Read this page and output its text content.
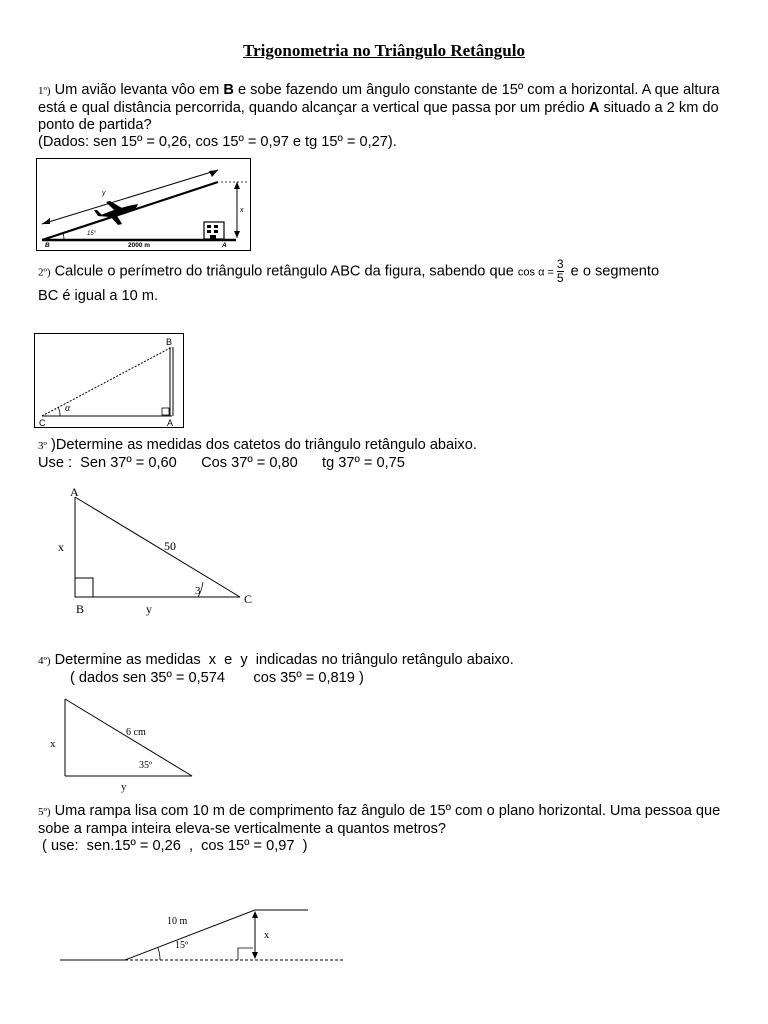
Trigonometria no Triângulo Retângulo
1º) Um avião levanta vôo em B e sobe fazendo um ângulo constante de 15º com a horizontal. A que altura está e qual distância percorrida, quando alcançar a vertical que passa por um prédio A situado a 2 km do ponto de partida?
(Dados: sen 15º = 0,26, cos 15º = 0,97 e tg 15º = 0,27).
y
x
15°
B	A
2000 m
2º) Calcule o perímetro do triângulo retângulo ABC da figura, sabendo que $\cos \alpha = \frac{3}{5}$ e o segmento
BC é igual a 10 m.
B
C	A
α
3º )Determine as medidas dos catetos do triângulo retângulo abaixo.
Use :  Sen 37º = 0,60      Cos 37º = 0,80      tg 37º = 0,75
A
B
C
x
y
50
3
4º) Determine as medidas  x  e  y  indicadas no triângulo retângulo abaixo.
( dados sen 35º = 0,574       cos 35º = 0,819 )
x
y
6 cm
35º
5º) Uma rampa lisa com 10 m de comprimento faz ângulo de 15º com o plano horizontal. Uma pessoa que sobe a rampa inteira eleva-se verticalmente a quantos metros?
( use:  sen.15º = 0,26  ,  cos 15º = 0,97  )
10 m
15º
x
